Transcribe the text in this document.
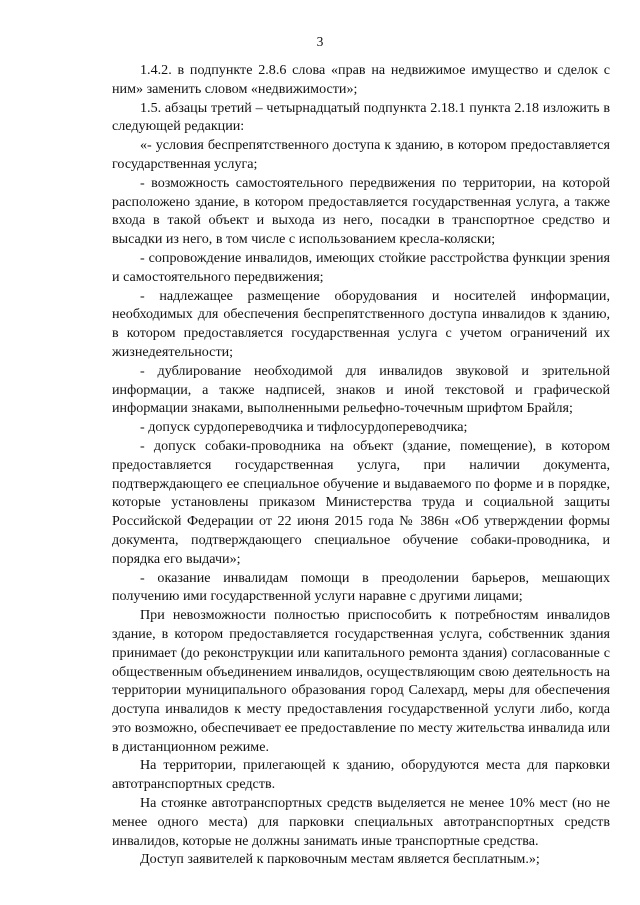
3

1.4.2. в подпункте 2.8.6 слова «прав на недвижимое имущество и сделок с ним» заменить словом «недвижимости»;

1.5. абзацы третий – четырнадцатый подпункта 2.18.1 пункта 2.18 изложить в следующей редакции:

«- условия беспрепятственного доступа к зданию, в котором предоставляется государственная услуга;

- возможность самостоятельного передвижения по территории, на которой расположено здание, в котором предоставляется государственная услуга, а также входа в такой объект и выхода из него, посадки в транспортное средство и высадки из него, в том числе с использованием кресла-коляски;

- сопровождение инвалидов, имеющих стойкие расстройства функции зрения и самостоятельного передвижения;

- надлежащее размещение оборудования и носителей информации, необходимых для обеспечения беспрепятственного доступа инвалидов к зданию, в котором предоставляется государственная услуга с учетом ограничений их жизнедеятельности;

- дублирование необходимой для инвалидов звуковой и зрительной информации, а также надписей, знаков и иной текстовой и графической информации знаками, выполненными рельефно-точечным шрифтом Брайля;

- допуск сурдопереводчика и тифлосурдопереводчика;

- допуск собаки-проводника на объект (здание, помещение), в котором предоставляется государственная услуга, при наличии документа, подтверждающего ее специальное обучение и выдаваемого по форме и в порядке, которые установлены приказом Министерства труда и социальной защиты Российской Федерации от 22 июня 2015 года № 386н «Об утверждении формы документа, подтверждающего специальное обучение собаки-проводника, и порядка его выдачи»;

- оказание инвалидам помощи в преодолении барьеров, мешающих получению ими государственной услуги наравне с другими лицами;

При невозможности полностью приспособить к потребностям инвалидов здание, в котором предоставляется государственная услуга, собственник здания принимает (до реконструкции или капитального ремонта здания) согласованные с общественным объединением инвалидов, осуществляющим свою деятельность на территории муниципального образования город Салехард, меры для обеспечения доступа инвалидов к месту предоставления государственной услуги либо, когда это возможно, обеспечивает ее предоставление по месту жительства инвалида или в дистанционном режиме.

На территории, прилегающей к зданию, оборудуются места для парковки автотранспортных средств.

На стоянке автотранспортных средств выделяется не менее 10% мест (но не менее одного места) для парковки специальных автотранспортных средств инвалидов, которые не должны занимать иные транспортные средства.

Доступ заявителей к парковочным местам является бесплатным.»;
